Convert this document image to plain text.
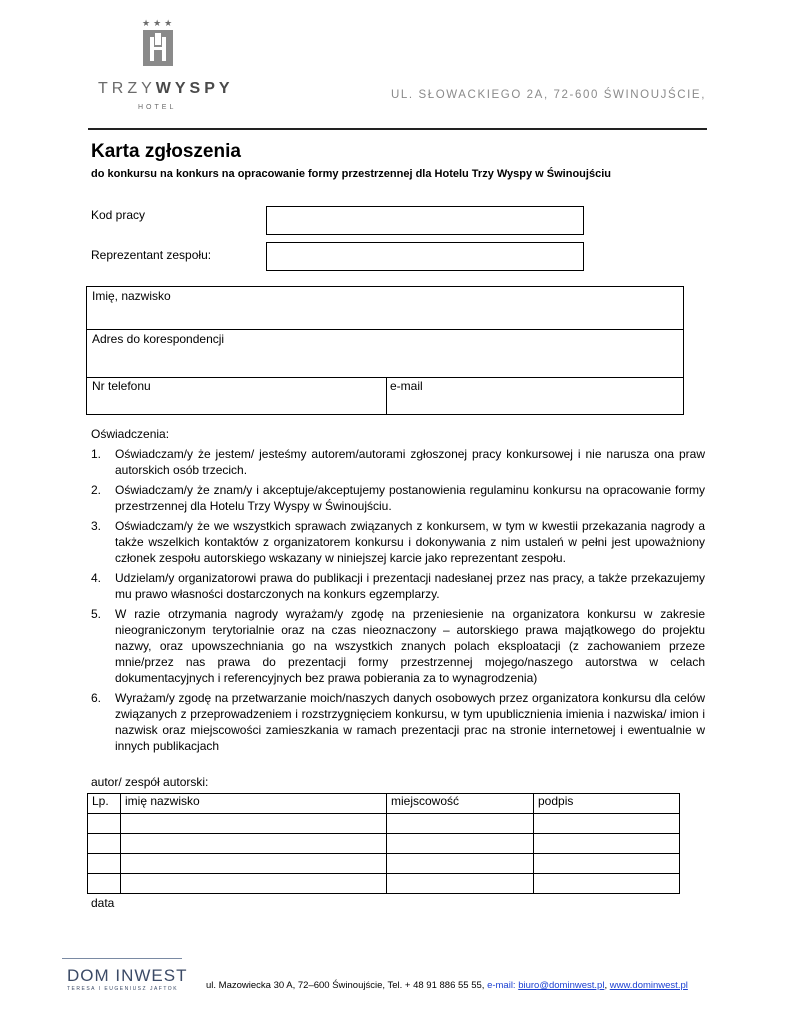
★★★
TRZYWYSPY
HOTEL
UL. SŁOWACKIEGO 2A, 72-600 ŚWINOUJŚCIE,
Karta zgłoszenia
do konkursu na konkurs na opracowanie formy przestrzennej dla Hotelu Trzy Wyspy w Świnoujściu
Kod pracy
Reprezentant zespołu:
Imię, nazwisko
Adres do korespondencji
Nr telefonu	e-mail
Oświadczenia:
1. Oświadczam/y że jestem/ jesteśmy autorem/autorami zgłoszonej pracy konkursowej i nie narusza ona praw autorskich osób trzecich.
2. Oświadczam/y że znam/y i akceptuje/akceptujemy postanowienia regulaminu konkursu na opracowanie formy przestrzennej dla Hotelu Trzy Wyspy w Świnoujściu.
3. Oświadczam/y że we wszystkich sprawach związanych z konkursem, w tym w kwestii przekazania nagrody a także wszelkich kontaktów z organizatorem konkursu i dokonywania z nim ustaleń w pełni jest upoważniony członek zespołu autorskiego wskazany w niniejszej karcie jako reprezentant zespołu.
4. Udzielam/y organizatorowi prawa do publikacji i prezentacji nadesłanej przez nas pracy, a także przekazujemy mu prawo własności dostarczonych na konkurs egzemplarzy.
5. W razie otrzymania nagrody wyrażam/y zgodę na przeniesienie na organizatora konkursu w zakresie nieograniczonym terytorialnie oraz na czas nieoznaczony – autorskiego prawa majątkowego do projektu nazwy, oraz upowszechniania go na wszystkich znanych polach eksploatacji (z zachowaniem przeze mnie/przez nas prawa do prezentacji formy przestrzennej mojego/naszego autorstwa w celach dokumentacyjnych i referencyjnych bez prawa pobierania za to wynagrodzenia)
6. Wyrażam/y zgodę na przetwarzanie moich/naszych danych osobowych przez organizatora konkursu dla celów związanych z przeprowadzeniem i rozstrzygnięciem konkursu, w tym upublicznienia imienia i nazwiska/ imion i nazwisk oraz miejscowości zamieszkania w ramach prezentacji prac na stronie internetowej i ewentualnie w innych publikacjach
autor/ zespół autorski:
Lp.	imię nazwisko	miejscowość	podpis

data
DOM INWEST
TERESA I EUGENIUSZ JAFTOK	ul. Mazowiecka 30 A, 72–600 Świnoujście, Tel. + 48 91 886 55 55, e-mail: biuro@dominwest.pl, www.dominwest.pl
